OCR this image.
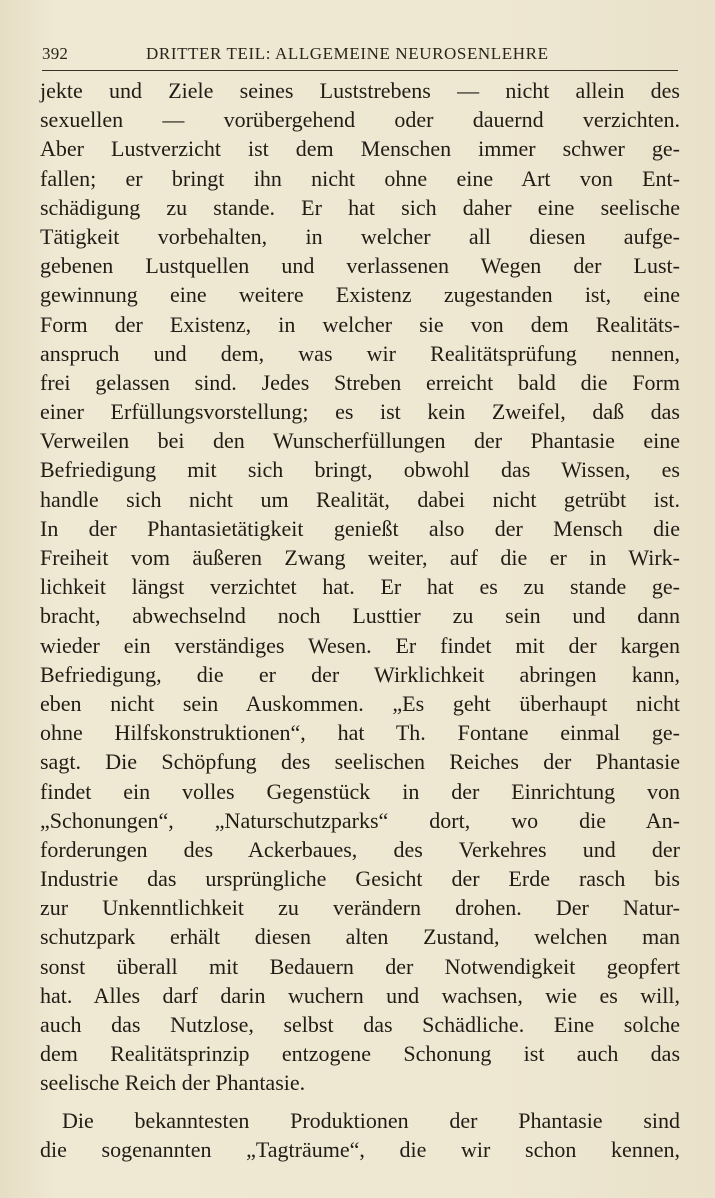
392	DRITTER TEIL: ALLGEMEINE NEUROSENLEHRE
jekte und Ziele seines Luststrebens — nicht allein des
sexuellen — vorübergehend oder dauernd verzichten.
Aber Lustverzicht ist dem Menschen immer schwer ge-
fallen; er bringt ihn nicht ohne eine Art von Ent-
schädigung zu stande. Er hat sich daher eine seelische
Tätigkeit vorbehalten, in welcher all diesen aufge-
gebenen Lustquellen und verlassenen Wegen der Lust-
gewinnung eine weitere Existenz zugestanden ist, eine
Form der Existenz, in welcher sie von dem Realitäts-
anspruch und dem, was wir Realitätsprüfung nennen,
frei gelassen sind. Jedes Streben erreicht bald die Form
einer Erfüllungsvorstellung; es ist kein Zweifel, daß das
Verweilen bei den Wunscherfüllungen der Phantasie eine
Befriedigung mit sich bringt, obwohl das Wissen, es
handle sich nicht um Realität, dabei nicht getrübt ist.
In der Phantasietätigkeit genießt also der Mensch die
Freiheit vom äußeren Zwang weiter, auf die er in Wirk-
lichkeit längst verzichtet hat. Er hat es zu stande ge-
bracht, abwechselnd noch Lusttier zu sein und dann
wieder ein verständiges Wesen. Er findet mit der kargen
Befriedigung, die er der Wirklichkeit abringen kann,
eben nicht sein Auskommen. „Es geht überhaupt nicht
ohne Hilfskonstruktionen“, hat Th. Fontane einmal ge-
sagt. Die Schöpfung des seelischen Reiches der Phantasie
findet ein volles Gegenstück in der Einrichtung von
„Schonungen“, „Naturschutzparks“ dort, wo die An-
forderungen des Ackerbaues, des Verkehres und der
Industrie das ursprüngliche Gesicht der Erde rasch bis
zur Unkenntlichkeit zu verändern drohen. Der Natur-
schutzpark erhält diesen alten Zustand, welchen man
sonst überall mit Bedauern der Notwendigkeit geopfert
hat. Alles darf darin wuchern und wachsen, wie es will,
auch das Nutzlose, selbst das Schädliche. Eine solche
dem Realitätsprinzip entzogene Schonung ist auch das
seelische Reich der Phantasie.
Die bekanntesten Produktionen der Phantasie sind
die sogenannten „Tagträume“, die wir schon kennen,
